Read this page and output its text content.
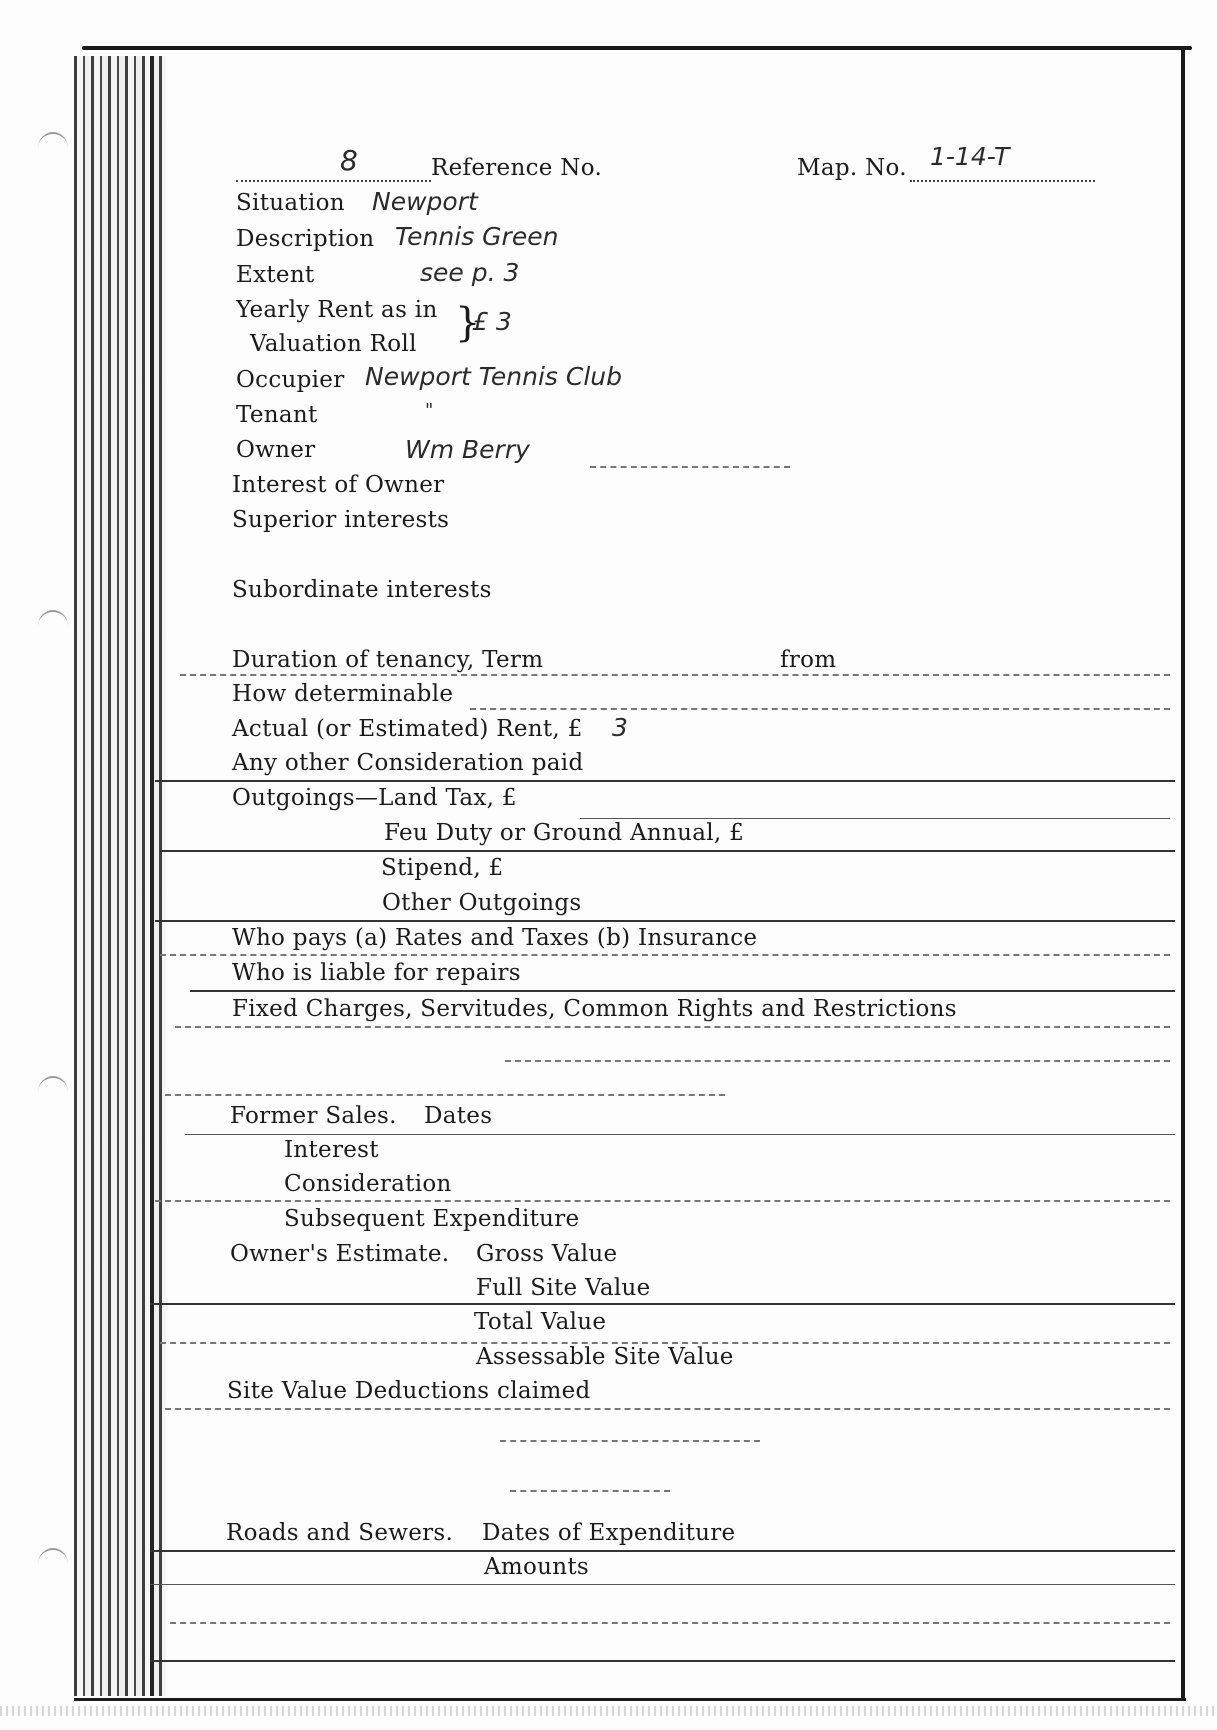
8	Reference No.	Map. No. 1-14-T
Situation Newport
Description Tennis Green
Extent	see p. 3
Yearly Rent as in
Valuation Roll }
£ 3
Occupier Newport Tennis Club
Tenant	"
Owner	Wm Berry
Interest of Owner
Superior interests
Subordinate interests
Duration of tenancy, Term	from
How determinable
Actual (or Estimated) Rent, £ 3
Any other Consideration paid
Outgoings—Land Tax, £
Feu Duty or Ground Annual, £
Stipend, £
Other Outgoings
Who pays (a) Rates and Taxes (b) Insurance
Who is liable for repairs
Fixed Charges, Servitudes, Common Rights and Restrictions
Former Sales. Dates
Interest
Consideration
Subsequent Expenditure
Owner's Estimate. Gross Value
Full Site Value
Total Value
Assessable Site Value
Site Value Deductions claimed
Roads and Sewers. Dates of Expenditure
Amounts
